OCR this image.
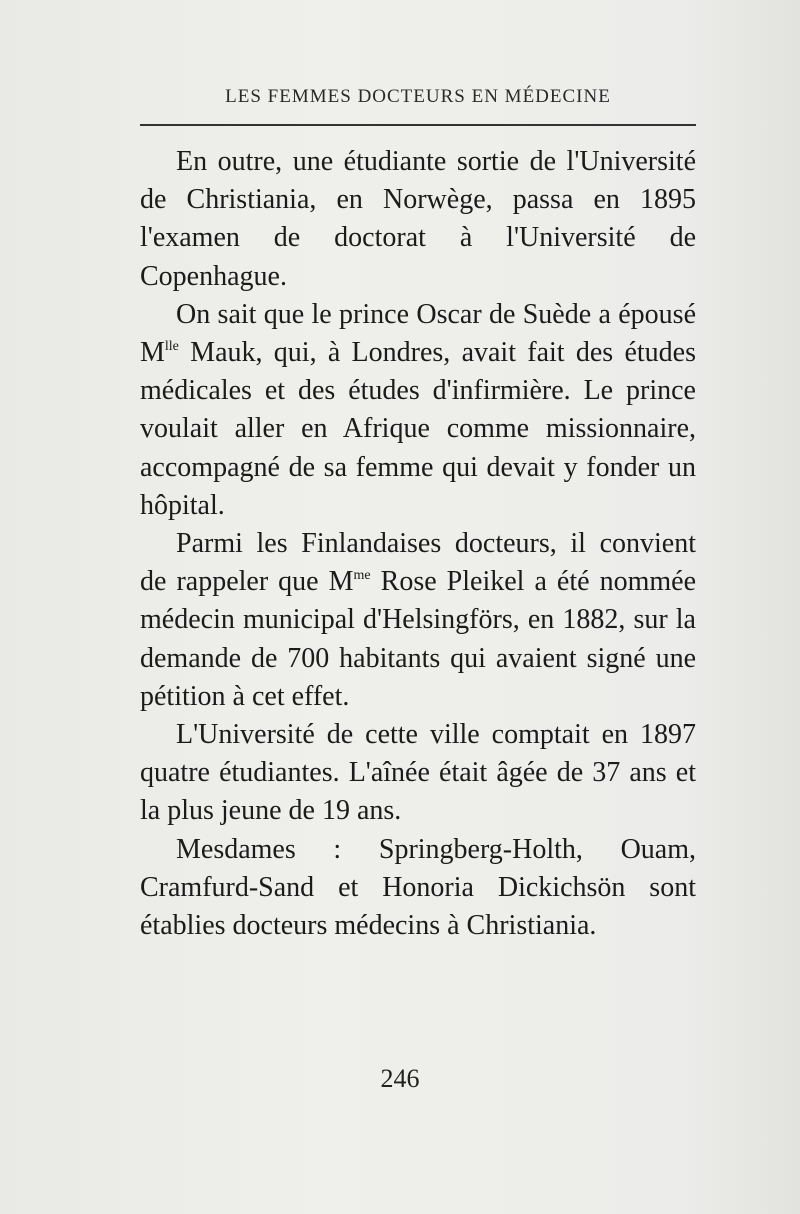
LES FEMMES DOCTEURS EN MÉDECINE

En outre, une étudiante sortie de l'Université de Christiania, en Norwège, passa en 1895 l'examen de doctorat à l'Université de Copenhague.

On sait que le prince Oscar de Suède a épousé $M^{lle}$ Mauk, qui, à Londres, avait fait des études médicales et des études d'infirmière. Le prince voulait aller en Afrique comme missionnaire, accompagné de sa femme qui devait y fonder un hôpital.

Parmi les Finlandaises docteurs, il convient de rappeler que $M^{me}$ Rose Pleikel a été nommée médecin municipal d'Helsingförs, en 1882, sur la demande de 700 habitants qui avaient signé une pétition à cet effet.

L'Université de cette ville comptait en 1897 quatre étudiantes. L'aînée était âgée de 37 ans et la plus jeune de 19 ans.

Mesdames : Springberg-Holth, Ouam, Cramfurd-Sand et Honoria Dickichsön sont établies docteurs médecins à Christiania.

246
